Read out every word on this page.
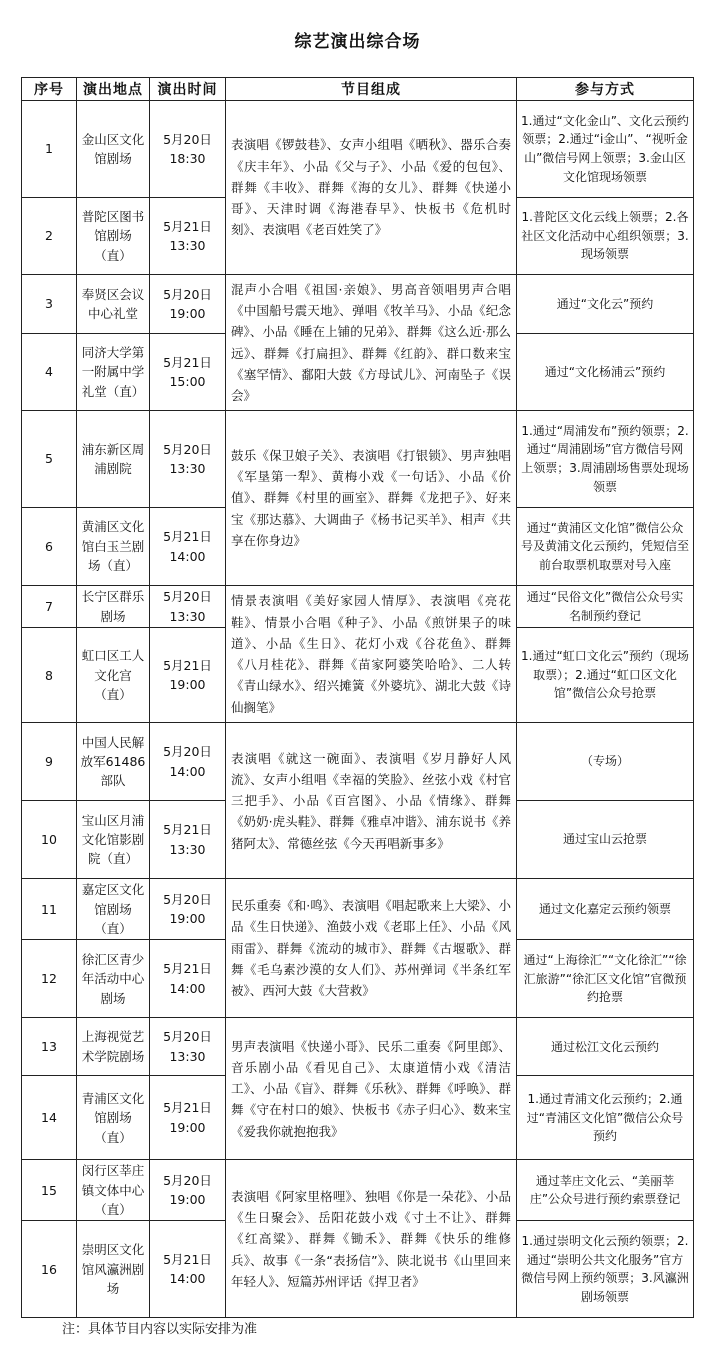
综艺演出综合场
序号	演出地点	演出时间	节目组成	参与方式
1	金山区文化馆剧场	5月20日 18:30	表演唱《锣鼓巷》、女声小组唱《晒秋》、器乐合奏《庆丰年》、小品《父与子》、小品《爱的包包》、群舞《丰收》、群舞《海的女儿》、群舞《快递小哥》、天津时调《海港春早》、快板书《危机时刻》、表演唱《老百姓笑了》	1.通过“文化金山”、文化云预约领票；2.通过“i金山”、“视听金山”微信号网上领票；3.金山区文化馆现场领票
2	普陀区图书馆剧场（直）	5月21日 13:30		1.普陀区文化云线上领票；2.各社区文化活动中心组织领票；3.现场领票
3	奉贤区会议中心礼堂	5月20日 19:00	混声小合唱《祖国·亲娘》、男高音领唱男声合唱《中国船号震天地》、弹唱《牧羊马》、小品《纪念碑》、小品《睡在上铺的兄弟》、群舞《这么近·那么远》、群舞《打扁担》、群舞《红韵》、群口数来宝《塞罕情》、鄱阳大鼓《方母试儿》、河南坠子《误会》	通过“文化云”预约
4	同济大学第一附属中学礼堂（直）	5月21日 15:00		通过“文化杨浦云”预约
5	浦东新区周浦剧院	5月20日 13:30	鼓乐《保卫娘子关》、表演唱《打银锁》、男声独唱《军垦第一犁》、黄梅小戏《一句话》、小品《价值》、群舞《村里的画室》、群舞《龙把子》、好来宝《那达慕》、大调曲子《杨书记买羊》、相声《共享在你身边》	1.通过“周浦发布”预约领票；2.通过“周浦剧场”官方微信号网上领票；3.周浦剧场售票处现场领票
6	黄浦区文化馆白玉兰剧场（直）	5月21日 14:00		通过“黄浦区文化馆”微信公众号及黄浦文化云预约，凭短信至前台取票机取票对号入座
7	长宁区群乐剧场	5月20日 13:30	情景表演唱《美好家园人情厚》、表演唱《亮花鞋》、情景小合唱《种子》、小品《煎饼果子的味道》、小品《生日》、花灯小戏《谷花鱼》、群舞《八月桂花》、群舞《苗家阿婆笑哈哈》、二人转《青山绿水》、绍兴摊簧《外婆坑》、湖北大鼓《诗仙搁笔》	通过“民俗文化”微信公众号实名制预约登记
8	虹口区工人文化宫（直）	5月21日 19:00		1.通过“虹口文化云”预约（现场取票）；2.通过“虹口区文化馆”微信公众号抢票
9	中国人民解放军61486部队	5月20日 14:00	表演唱《就这一碗面》、表演唱《岁月静好人风流》、女声小组唱《幸福的笑脸》、丝弦小戏《村官三把手》、小品《百宫图》、小品《情缘》、群舞《奶奶·虎头鞋》、群舞《雅卓冲谐》、浦东说书《养猪阿太》、常德丝弦《今天再唱新事多》	（专场）
10	宝山区月浦文化馆影剧院（直）	5月21日 13:30		通过宝山云抢票
11	嘉定区文化馆剧场（直）	5月20日 19:00	民乐重奏《和·鸣》、表演唱《唱起歌来上大梁》、小品《生日快递》、渔鼓小戏《老耶上任》、小品《风雨雷》、群舞《流动的城市》、群舞《古堰歌》、群舞《毛乌素沙漠的女人们》、苏州弹词《半条红军被》、西河大鼓《大营救》	通过文化嘉定云预约领票
12	徐汇区青少年活动中心剧场	5月21日 14:00		通过“上海徐汇”“文化徐汇”“徐汇旅游”“徐汇区文化馆”官微预约抢票
13	上海视觉艺术学院剧场	5月20日 13:30	男声表演唱《快递小哥》、民乐二重奏《阿里郎》、音乐剧小品《看见自己》、太康道情小戏《清洁工》、小品《盲》、群舞《乐秋》、群舞《呼唤》、群舞《守在村口的娘》、快板书《赤子归心》、数来宝《爱我你就抱抱我》	通过松江文化云预约
14	青浦区文化馆剧场（直）	5月21日 19:00		1.通过青浦文化云预约；2.通过“青浦区文化馆”微信公众号预约
15	闵行区莘庄镇文体中心（直）	5月20日 19:00	表演唱《阿家里格哩》、独唱《你是一朵花》、小品《生日聚会》、岳阳花鼓小戏《寸土不让》、群舞《红高粱》、群舞《锄禾》、群舞《快乐的维修兵》、故事《一条“表扬信”》、陕北说书《山里回来年轻人》、短篇苏州评话《捍卫者》	通过莘庄文化云、“美丽莘庄”公众号进行预约索票登记
16	崇明区文化馆风瀛洲剧场	5月21日 14:00		1.通过崇明文化云预约领票；2.通过“崇明公共文化服务”官方微信号网上预约领票；3.风瀛洲剧场领票
注：具体节目内容以实际安排为准
